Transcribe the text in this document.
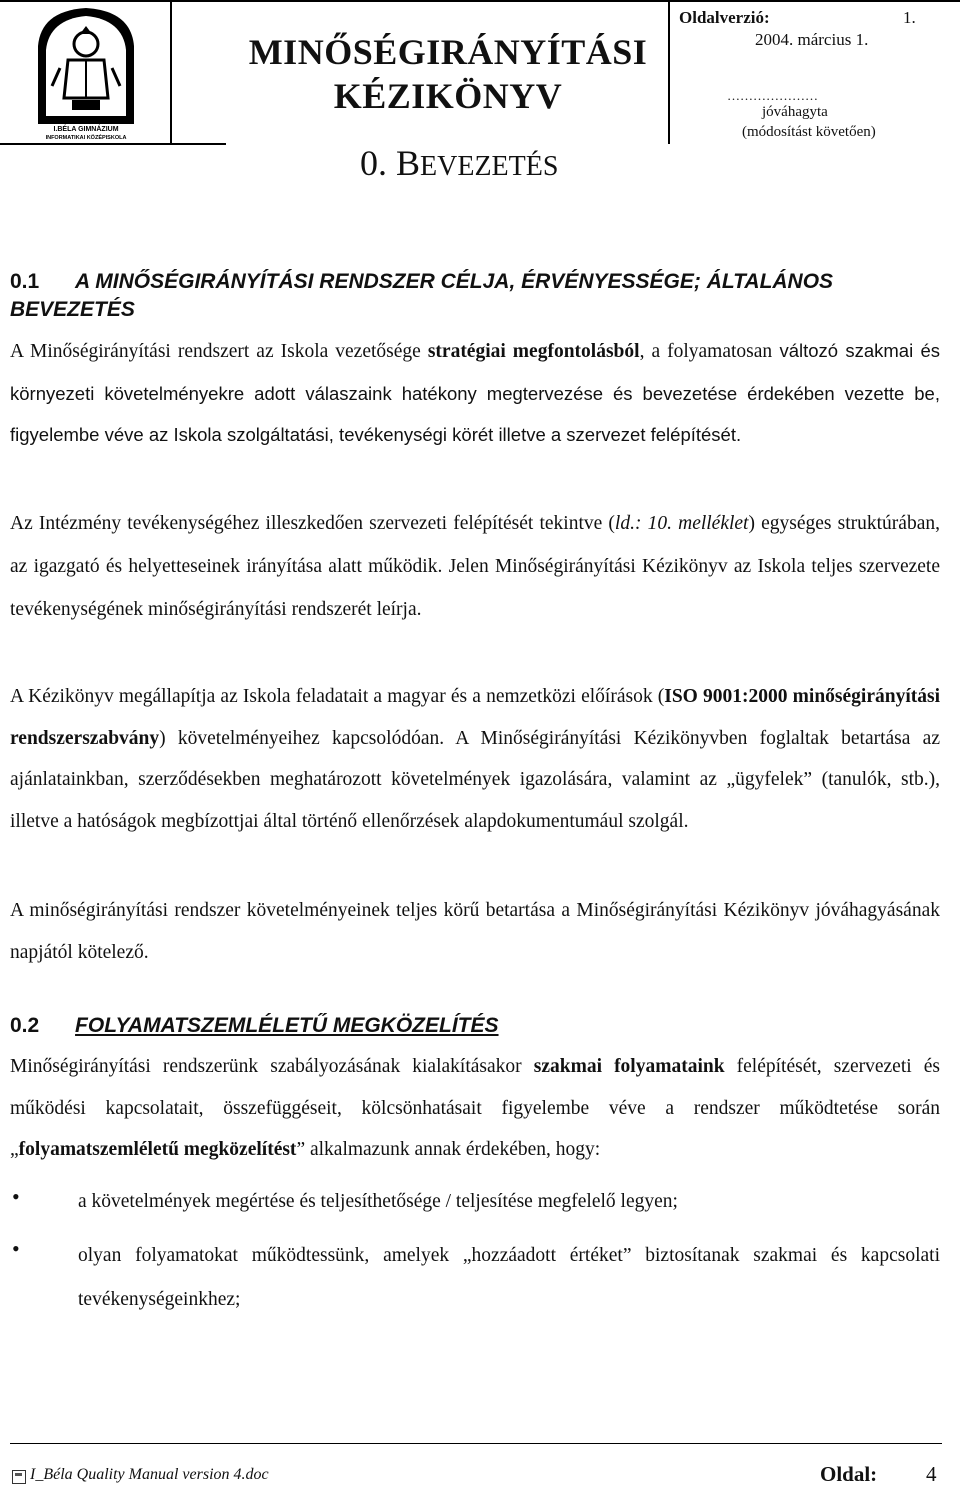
I.BÉLA GIMNÁZIUM
INFORMATIKAI KÖZÉPISKOLA
MINŐSÉGIRÁNYÍTÁSI
KÉZIKÖNYV
Oldalverzió:	1.
2004. március 1.
…………………
jóváhagyta
(módosítást követően)
0. BEVEZETÉS
0.1 A MINŐSÉGIRÁNYÍTÁSI RENDSZER CÉLJA, ÉRVÉNYESSÉGE; ÁLTALÁNOS
BEVEZETÉS
A Minőségirányítási rendszert az Iskola vezetősége stratégiai megfontolásból, a folyamatosan változó szakmai és környezeti követelményekre adott válaszaink hatékony megtervezése és bevezetése érdekében vezette be, figyelembe véve az Iskola szolgáltatási, tevékenységi körét illetve a szervezet felépítését.
Az Intézmény tevékenységéhez illeszkedően szervezeti felépítését tekintve (ld.: 10. melléklet) egységes struktúrában, az igazgató és helyetteseinek irányítása alatt működik. Jelen Minőségirányítási Kézikönyv az Iskola teljes szervezete tevékenységének minőségirányítási rendszerét leírja.
A Kézikönyv megállapítja az Iskola feladatait a magyar és a nemzetközi előírások (ISO 9001:2000 minőségirányítási rendszerszabvány) követelményeihez kapcsolódóan. A Minőségirányítási Kézikönyvben foglaltak betartása az ajánlatainkban, szerződésekben meghatározott követelmények igazolására, valamint az „ügyfelek” (tanulók, stb.), illetve a hatóságok megbízottjai által történő ellenőrzések alapdokumentumául szolgál.
A minőségirányítási rendszer követelményeinek teljes körű betartása a Minőségirányítási Kézikönyv jóváhagyásának napjától kötelező.
0.2 FOLYAMATSZEMLÉLETŰ MEGKÖZELÍTÉS
Minőségirányítási rendszerünk szabályozásának kialakításakor szakmai folyamataink felépítését, szervezeti és működési kapcsolatait, összefüggéseit, kölcsönhatásait figyelembe véve a rendszer működtetése során „folyamatszemléletű megközelítést” alkalmazunk annak érdekében, hogy:
•	a követelmények megértése és teljesíthetősége / teljesítése megfelelő legyen;
•	olyan folyamatokat működtessünk, amelyek „hozzáadott értéket” biztosítanak szakmai és kapcsolati tevékenységeinkhez;
I_Béla Quality Manual version 4.doc	Oldal: 4
